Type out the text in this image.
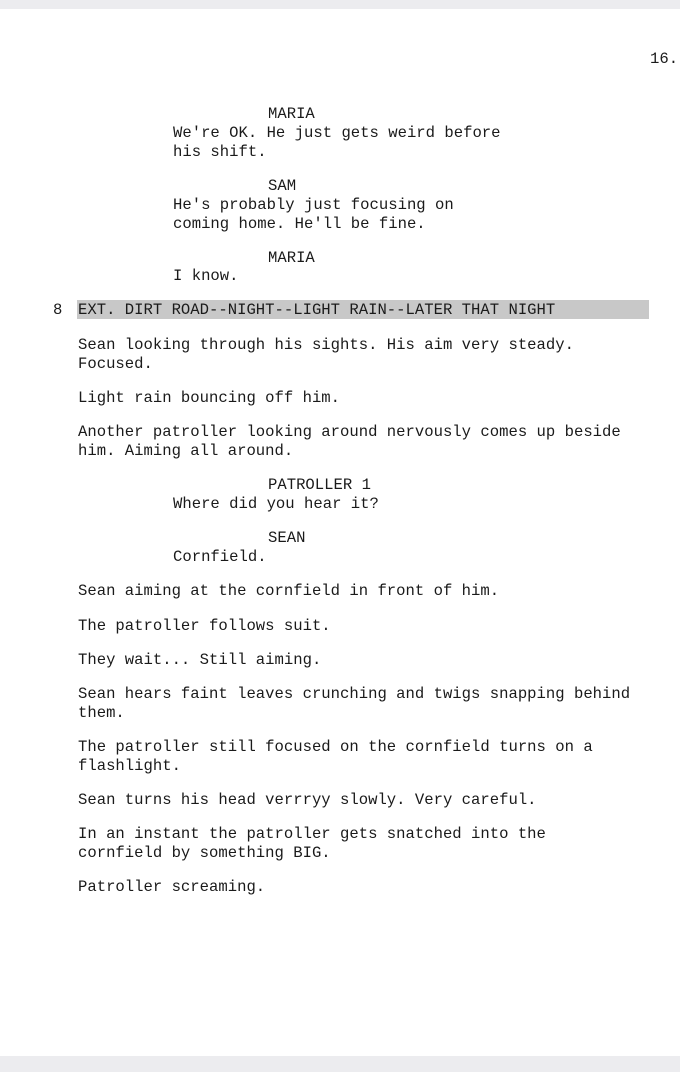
16.
MARIA
We're OK. He just gets weird before
his shift.
SAM
He's probably just focusing on
coming home. He'll be fine.
MARIA
I know.
8 EXT. DIRT ROAD--NIGHT--LIGHT RAIN--LATER THAT NIGHT
Sean looking through his sights. His aim very steady.
Focused.
Light rain bouncing off him.
Another patroller looking around nervously comes up beside
him. Aiming all around.
PATROLLER 1
Where did you hear it?
SEAN
Cornfield.
Sean aiming at the cornfield in front of him.
The patroller follows suit.
They wait... Still aiming.
Sean hears faint leaves crunching and twigs snapping behind
them.
The patroller still focused on the cornfield turns on a
flashlight.
Sean turns his head verrryy slowly. Very careful.
In an instant the patroller gets snatched into the
cornfield by something BIG.
Patroller screaming.
